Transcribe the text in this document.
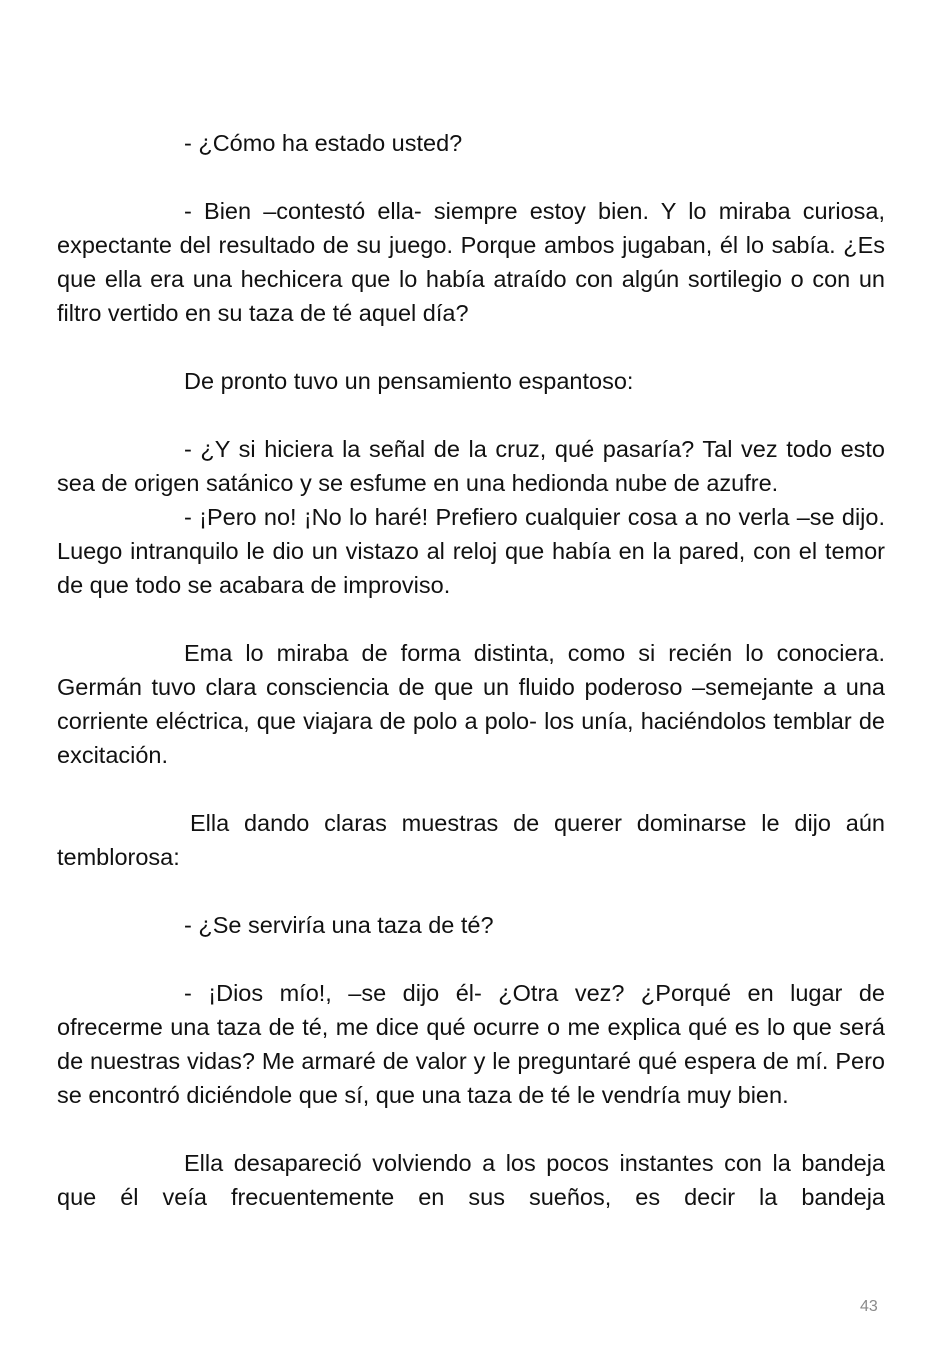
- ¿Cómo ha estado usted?

- Bien –contestó ella- siempre estoy bien. Y lo miraba curiosa, expectante del resultado de su juego. Porque ambos jugaban, él lo sabía. ¿Es que ella era una hechicera que lo había atraído con algún sortilegio o con un filtro vertido en su taza de té aquel día?

De pronto tuvo un pensamiento espantoso:

- ¿Y si hiciera la señal de la cruz, qué pasaría? Tal vez todo esto sea de origen satánico y se esfume en una hedionda nube de azufre.

- ¡Pero no! ¡No lo haré! Prefiero cualquier cosa a no verla –se dijo. Luego intranquilo le dio un vistazo al reloj que había en la pared, con el temor de que todo se acabara de improviso.

Ema lo miraba de forma distinta, como si recién lo conociera. Germán tuvo clara consciencia de que un fluido poderoso –semejante a una corriente eléctrica, que viajara de polo a polo- los unía, haciéndolos temblar de excitación.

Ella dando claras muestras de querer dominarse le dijo aún temblorosa:

- ¿Se serviría una taza de té?

- ¡Dios mío!, –se dijo él- ¿Otra vez? ¿Porqué en lugar de ofrecerme una taza de té, me dice qué ocurre o me explica qué es lo que será de nuestras vidas? Me armaré de valor y le preguntaré qué espera de mí. Pero se encontró diciéndole que sí, que una taza de té le vendría muy bien.

Ella desapareció volviendo a los pocos instantes con la bandeja que él veía frecuentemente en sus sueños, es decir la bandeja

43
